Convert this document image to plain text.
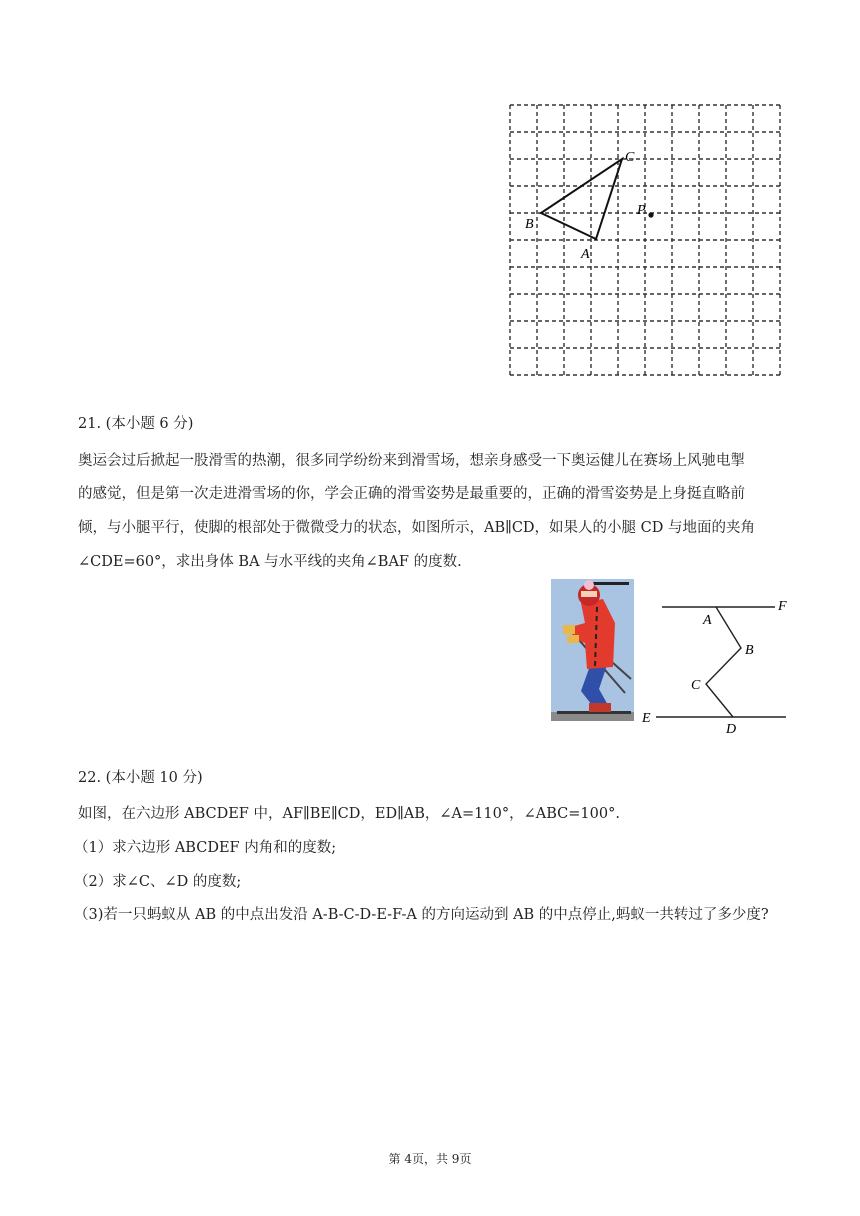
C
B
A
P
21. (本小题 6 分)
奥运会过后掀起一股滑雪的热潮，很多同学纷纷来到滑雪场，想亲身感受一下奥运健儿在赛场上风驰电掣
的感觉，但是第一次走进滑雪场的你，学会正确的滑雪姿势是最重要的，正确的滑雪姿势是上身挺直略前
倾，与小腿平行，使脚的根部处于微微受力的状态，如图所示，AB∥CD，如果人的小腿 CD 与地面的夹角
∠CDE=60°，求出身体 BA 与水平线的夹角∠BAF 的度数.
F
A
B
C
E
D
22. (本小题 10 分)
如图，在六边形 ABCDEF 中，AF∥BE∥CD，ED∥AB，∠A=110°，∠ABC=100°.
（1）求六边形 ABCDEF 内角和的度数;
（2）求∠C、∠D 的度数;
（3)若一只蚂蚁从 AB 的中点出发沿 A-B-C-D-E-F-A 的方向运动到 AB 的中点停止,蚂蚁一共转过了多少度?
第 4页，共 9页
